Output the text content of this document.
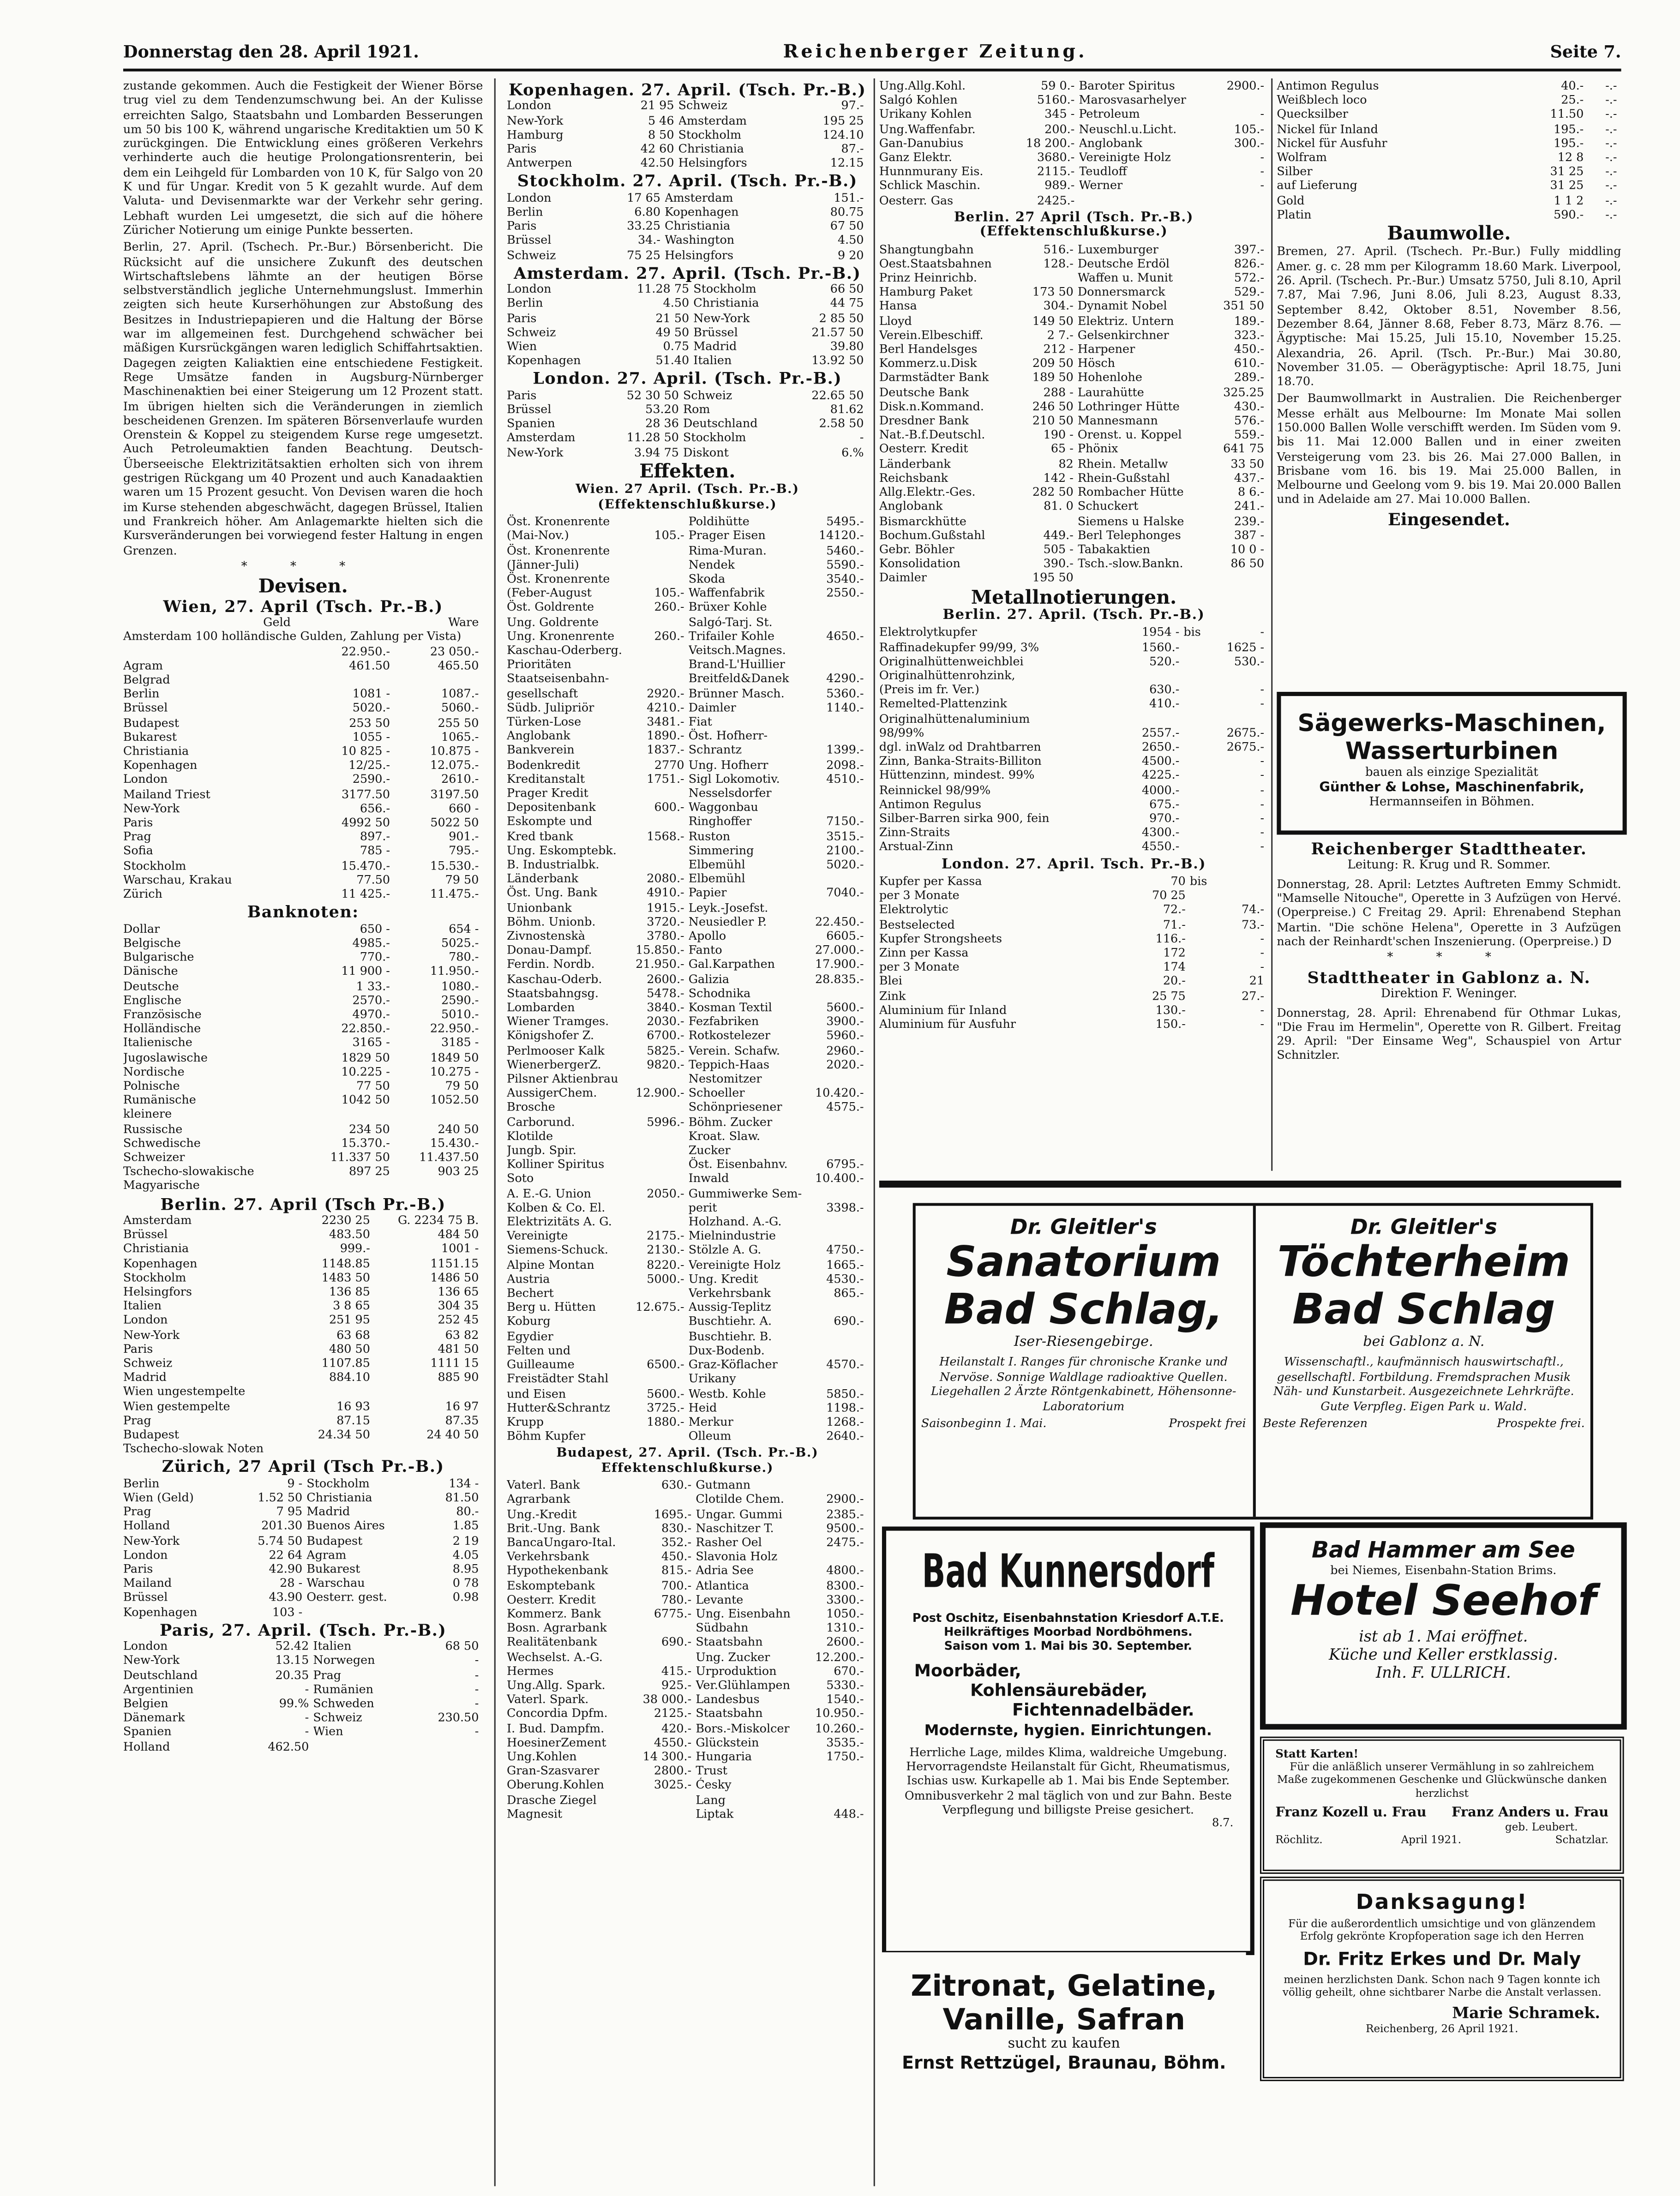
Donnerstag den 28. April 1921.	Reichenberger Zeitung.	Seite 7.

zustande gekommen. Auch die Festigkeit der Wiener Börse trug viel zu dem Tendenzumschwung bei. An der Kulisse erreichten Salgo, Staatsbahn und Lombarden Besserungen um 50 bis 100 K, während ungarische Kreditaktien um 50 K zurückgingen. Die Entwicklung eines größeren Verkehrs verhinderte auch die heutige Prolongationsrenterin, bei dem ein Leihgeld für Lombarden von 10 K, für Salgo von 20 K und für Ungar. Kredit von 5 K gezahlt wurde. Auf dem Valuta- und Devisenmarkte war der Verkehr sehr gering. Lebhaft wurden Lei umgesetzt, die sich auf die höhere Züricher Notierung um einige Punkte besserten.

Berlin, 27. April. (Tschech. Pr.-Bur.) Börsenbericht. Die Rücksicht auf die unsichere Zukunft des deutschen Wirtschaftslebens lähmte an der heutigen Börse selbstverständlich jegliche Unternehmungslust. Immerhin zeigten sich heute Kurserhöhungen zur Abstoßung des Besitzes in Industriepapieren und die Haltung der Börse war im allgemeinen fest. Durchgehend schwächer bei mäßigen Kursrückgängen waren lediglich Schiffahrtsaktien. Dagegen zeigten Kaliaktien eine entschiedene Festigkeit. Rege Umsätze fanden in Augsburg-Nürnberger Maschinenaktien bei einer Steigerung um 12 Prozent statt. Im übrigen hielten sich die Veränderungen in ziemlich bescheidenen Grenzen. Im späteren Börsenverlaufe wurden Orenstein & Koppel zu steigendem Kurse rege umgesetzt. Auch Petroleumaktien fanden Beachtung. Deutsch-Überseeische Elektrizitätsaktien erholten sich von ihrem gestrigen Rückgang um 40 Prozent und auch Kanadaaktien waren um 15 Prozent gesucht. Von Devisen waren die hoch im Kurse stehenden abgeschwächt, dagegen Brüssel, Italien und Frankreich höher. Am Anlagemarkte hielten sich die Kursveränderungen bei vorwiegend fester Haltung in engen Grenzen.

* * *
Devisen.
Wien, 27. April (Tsch. Pr.-B.)
	Geld	Ware
Amsterdam 100 holländische Gulden, Zahlung per Vista)
	22.950.-	23 050.-
Agram	461.50	465.50
Belgrad		
Berlin	1081 -	1087.-
Brüssel	5020.-	5060.-
Budapest	253 50	255 50
Bukarest	1055 -	1065.-
Christiania	10 825 -	10.875 -
Kopenhagen	12/25.-	12.075.-
London	2590.-	2610.-
Mailand Triest	3177.50	3197.50
New-York	656.-	660 -
Paris	4992 50	5022 50
Prag	897.-	901.-
Sofia	785 -	795.-
Stockholm	15.470.-	15.530.-
Warschau, Krakau	77.50	79 50
Zürich	11 425.-	11.475.-
Banknoten:
Dollar	650 -	654 -
Belgische	4985.-	5025.-
Bulgarische	770.-	780.-
Dänische	11 900 -	11.950.-
Deutsche	1 33.-	1080.-
Englische	2570.-	2590.-
Französische	4970.-	5010.-
Holländische	22.850.-	22.950.-
Italienische	3165 -	3185 -
Jugoslawische	1829 50	1849 50
Nordische	10.225 -	10.275 -
Polnische	77 50	79 50
Rumänische	1042 50	1052.50
kleinere		
Russische	234 50	240 50
Schwedische	15.370.-	15.430.-
Schweizer	11.337 50	11.437.50
Tschecho-slowakische	897 25	903 25
Magyarische		
Berlin. 27. April (Tsch Pr.-B.)
Amsterdam	2230 25	G. 2234 75 B.
Brüssel	483.50	484 50
Christiania	999.-	1001 -
Kopenhagen	1148.85	1151.15
Stockholm	1483 50	1486 50
Helsingfors	136 85	136 65
Italien	3 8 65	304 35
London	251 95	252 45
New-York	63 68	63 82
Paris	480 50	481 50
Schweiz	1107.85	1111 15
Madrid	884.10	885 90
Wien ungestempelte		
Wien gestempelte	16 93	16 97
Prag	87.15	87.35
Budapest	24.34 50	24 40 50
Tschecho-slowak Noten		
Zürich, 27 April (Tsch Pr.-B.)
Berlin	9 -	Stockholm	134 -
Wien (Geld)	1.52 50	Christiania	81.50
Prag	7 95	Madrid	80.-
Holland	201.30	Buenos Aires	1.85
New-York	5.74 50	Budapest	2 19
London	22 64	Agram	4.05
Paris	42.90	Bukarest	8.95
Mailand	28 -	Warschau	0 78
Brüssel	43.90	Oesterr. gest.	0.98
Kopenhagen	103 -		
Paris, 27. April. (Tsch. Pr.-B.)
London	52.42	Italien	68 50
New-York	13.15	Norwegen	-
Deutschland	20.35	Prag	-
Argentinien	-	Rumänien	-
Belgien	99.%	Schweden	-
Dänemark	-	Schweiz	230.50
Spanien	-	Wien	-
Holland	462.50		
Kopenhagen. 27. April. (Tsch. Pr.-B.)
London	21 95	Schweiz	97.-
New-York	5 46	Amsterdam	195 25
Hamburg	8 50	Stockholm	124.10
Paris	42 60	Christiania	87.-
Antwerpen	42.50	Helsingfors	12.15
Stockholm. 27. April. (Tsch. Pr.-B.)
London	17 65	Amsterdam	151.-
Berlin	6.80	Kopenhagen	80.75
Paris	33.25	Christiania	67 50
Brüssel	34.-	Washington	4.50
Schweiz	75 25	Helsingfors	9 20
Amsterdam. 27. April. (Tsch. Pr.-B.)
London	11.28 75	Stockholm	66 50
Berlin	4.50	Christiania	44 75
Paris	21 50	New-York	2 85 50
Schweiz	49 50	Brüssel	21.57 50
Wien	0.75	Madrid	39.80
Kopenhagen	51.40	Italien	13.92 50
London. 27. April. (Tsch. Pr.-B.)
Paris	52 30 50	Schweiz	22.65 50
Brüssel	53.20	Rom	81.62
Spanien	28 36	Deutschland	2.58 50
Amsterdam	11.28 50	Stockholm	-
New-York	3.94 75	Diskont	6.%
Effekten.
Wien. 27 April. (Tsch. Pr.-B.) (Effektenschlußkurse.)
Öst. Kronenrente		Poldihütte	5495.-
(Mai-Nov.)	105.-	Prager Eisen	14120.-
Öst. Kronenrente		Rima-Muran.	5460.-
(Jänner-Juli)		Nendek	5590.-
Öst. Kronenrente		Skoda	3540.-
(Feber-August	105.-	Waffenfabrik	2550.-
Öst. Goldrente	260.-	Brüxer Kohle	
Ung. Goldrente		Salgó-Tarj. St.	
Ung. Kronenrente	260.-	Trifailer Kohle	4650.-
Kaschau-Oderberg.		Veitsch.Magnes.	
Prioritäten		Brand-L'Huillier	
Staatseisenbahn-		Breitfeld&Danek	4290.-
gesellschaft	2920.-	Brünner Masch.	5360.-
Südb. Julipriör	4210.-	Daimler	1140.-
Türken-Lose	3481.-	Fiat	
Anglobank	1890.-	Öst. Hofherr-	
Bankverein	1837.-	Schrantz	1399.-
Bodenkredit	2770	Ung. Hofherr	2098.-
Kreditanstalt	1751.-	Sigl Lokomotiv.	4510.-
Prager Kredit		Nesselsdorfer	
Depositenbank	600.-	Waggonbau	
Eskompte und		Ringhoffer	7150.-
Kred tbank	1568.-	Ruston	3515.-
Ung. Eskomptebk.		Simmering	2100.-
B. Industrialbk.		Elbemühl	5020.-
Länderbank	2080.-	Elbemühl	
Öst. Ung. Bank	4910.-	Papier	7040.-
Unionbank	1915.-	Leyk.-Josefst.	
Böhm. Unionb.	3720.-	Neusiedler P.	22.450.-
Zivnostenskà	3780.-	Apollo	6605.-
Donau-Dampf.	15.850.-	Fanto	27.000.-
Ferdin. Nordb.	21.950.-	Gal.Karpathen	17.900.-
Kaschau-Oderb.	2600.-	Galizia	28.835.-
Staatsbahngsg.	5478.-	Schodnika	
Lombarden	3840.-	Kosman Textil	5600.-
Wiener Tramges.	2030.-	Fezfabriken	3900.-
Königshofer Z.	6700.-	Rotkostelezer	5960.-
Perlmooser Kalk	5825.-	Verein. Schafw.	2960.-
WienerbergerZ.	9820.-	Teppich-Haas	2020.-
Pilsner Aktienbrau		Nestomitzer	
AussigerChem.	12.900.-	Schoeller	10.420.-
Brosche		Schönpriesener	4575.-
Carborund.	5996.-	Böhm. Zucker	
Klotilde		Kroat. Slaw.	
Jungb. Spir.		Zucker	
Kolliner Spiritus		Öst. Eisenbahnv.	6795.-
Soto		Inwald	10.400.-
A. E.-G. Union	2050.-	Gummiwerke Sem-	
Kolben & Co. El.		perit	3398.-
Elektrizitäts A. G.		Holzhand. A.-G.	
Vereinigte	2175.-	Mielnindustrie	
Siemens-Schuck.	2130.-	Stölzle A. G.	4750.-
Alpine Montan	8220.-	Vereinigte Holz	1665.-
Austria	5000.-	Ung. Kredit	4530.-
Bechert		Verkehrsbank	865.-
Berg u. Hütten	12.675.-	Aussig-Teplitz	
Koburg		Buschtiehr. A.	690.-
Egydier		Buschtiehr. B.	
Felten und		Dux-Bodenb.	
Guilleaume	6500.-	Graz-Köflacher	4570.-
Freistädter Stahl		Urikany	
und Eisen	5600.-	Westb. Kohle	5850.-
Hutter&Schrantz	3725.-	Heid	1198.-
Krupp	1880.-	Merkur	1268.-
Böhm Kupfer		Olleum	2640.-
Budapest, 27. April. (Tsch. Pr.-B.) Effektenschlußkurse.)
Vaterl. Bank	630.-	Gutmann	
Agrarbank		Clotilde Chem.	2900.-
Ung.-Kredit	1695.-	Ungar. Gummi	2385.-
Brit.-Ung. Bank	830.-	Naschitzer T.	9500.-
BancaUngaro-Ital.	352.-	Rasher Oel	2475.-
Verkehrsbank	450.-	Slavonia Holz	
Hypothekenbank	815.-	Adria See	4800.-
Eskomptebank	700.-	Atlantica	8300.-
Oesterr. Kredit	780.-	Levante	3300.-
Kommerz. Bank	6775.-	Ung. Eisenbahn	1050.-
Bosn. Agrarbank		Südbahn	1310.-
Realitätenbank	690.-	Staatsbahn	2600.-
Wechselst. A.-G.		Ung. Zucker	12.200.-
Hermes	415.-	Urproduktion	670.-
Ung.Allg. Spark.	925.-	Ver.Glühlampen	5330.-
Vaterl. Spark.	38 000.-	Landesbus	1540.-
Concordia Dpfm.	2125.-	Staatsbahn	10.950.-
I. Bud. Dampfm.	420.-	Bors.-Miskolcer	10.260.-
HoesinerZement	4550.-	Glückstein	3535.-
Ung.Kohlen	14 300.-	Hungaria	1750.-
Gran-Szasvarer	2800.-	Trust	
Oberung.Kohlen	3025.-	Ćesky	
Drasche Ziegel		Lang	
Magnesit		Liptak	448.-
Ung.Allg.Kohl.	59 0.-	Baroter Spiritus	2900.-
Salgó Kohlen	5160.-	Marosvasarhelyer	
Urikany Kohlen	345 -	Petroleum	-
Ung.Waffenfabr.	200.-	Neuschl.u.Licht.	105.-
Gan-Danubius	18 200.-	Anglobank	300.-
Ganz Elektr.	3680.-	Vereinigte Holz	-
Hunnmurany Eis.	2115.-	Teudloff	-
Schlick Maschin.	989.-	Werner	-
Oesterr. Gas	2425.-		
Berlin. 27 April (Tsch. Pr.-B.) (Effektenschlußkurse.)
Shangtungbahn	516.-	Luxemburger	397.-
Oest.Staatsbahnen	128.-	Deutsche Erdöl	826.-
Prinz Heinrichb.		Waffen u. Munit	572.-
Hamburg Paket	173 50	Donnersmarck	529.-
Hansa	304.-	Dynamit Nobel	351 50
Lloyd	149 50	Elektriz. Untern	189.-
Verein.Elbeschiff.	2 7.-	Gelsenkirchner	323.-
Berl Handelsges	212 -	Harpener	450.-
Kommerz.u.Disk	209 50	Hösch	610.-
Darmstädter Bank	189 50	Hohenlohe	289.-
Deutsche Bank	288 -	Laurahütte	325.25
Disk.n.Kommand.	246 50	Lothringer Hütte	430.-
Dresdner Bank	210 50	Mannesmann	576.-
Nat.-B.f.Deutschl.	190 -	Orenst. u. Koppel	559.-
Oesterr. Kredit	65 -	Phönix	641 75
Länderbank	82	Rhein. Metallw	33 50
Reichsbank	142 -	Rhein-Gußstahl	437.-
Allg.Elektr.-Ges.	282 50	Rombacher Hütte	8 6.-
Anglobank	81. 0	Schuckert	241.-
Bismarckhütte		Siemens u Halske	239.-
Bochum.Gußstahl	449.-	Berl Telephonges	387 -
Gebr. Böhler	505 -	Tabakaktien	10 0 -
Konsolidation	390.-	Tsch.-slow.Bankn.	86 50
Daimler	195 50		
Metallnotierungen.
Berlin. 27. April. (Tsch. Pr.-B.)
Elektrolytkupfer	1954 -	bis	-
Raffinadekupfer 99/99, 3%	1560.-		1625 -
Originalhüttenweichblei	520.-		530.-
Originalhüttenrohzink,			
(Preis im fr. Ver.)	630.-		-
Remelted-Plattenzink	410.-		-
Originalhüttenaluminium			
98/99%	2557.-		2675.-
dgl. inWalz od Drahtbarren	2650.-		2675.-
Zinn, Banka-Straits-Billiton	4500.-		-
Hüttenzinn, mindest. 99%	4225.-		-
Reinnickel 98/99%	4000.-		-
Antimon Regulus	675.-		-
Silber-Barren sirka 900, fein	970.-		-
Zinn-Straits	4300.-		-
Arstual-Zinn	4550.-		-
London. 27. April. Tsch. Pr.-B.)
Kupfer per Kassa	70	bis	
per 3 Monate	70 25		
Elektrolytic	72.-		74.-
Bestselected	71.-		73.-
Kupfer Strongsheets	116.-		-
Zinn per Kassa	172		-
per 3 Monate	174		-
Blei	20.-		21
Zink	25 75		27.-
Aluminium für Inland	130.-		-
Aluminium für Ausfuhr	150.-		-
Antimon Regulus	40.-	-.-
Weißblech loco	25.-	-.-
Quecksilber	11.50	-.-
Nickel für Inland	195.-	-.-
Nickel für Ausfuhr	195.-	-.-
Wolfram	12 8	-.-
Silber	31 25	-.-
auf Lieferung	31 25	-.-
Gold	1 1 2	-.-
Platin	590.-	-.-
Baumwolle.

Bremen, 27. April. (Tschech. Pr.-Bur.) Fully middling Amer. g. c. 28 mm per Kilogramm 18.60 Mark. Liverpool, 26. April. (Tschech. Pr.-Bur.) Umsatz 5750, Juli 8.10, April 7.87, Mai 7.96, Juni 8.06, Juli 8.23, August 8.33, September 8.42, Oktober 8.51, November 8.56, Dezember 8.64, Jänner 8.68, Feber 8.73, März 8.76. — Ägyptische: Mai 15.25, Juli 15.10, November 15.25. Alexandria, 26. April. (Tsch. Pr.-Bur.) Mai 30.80, November 31.05. — Oberägyptische: April 18.75, Juni 18.70.

Der Baumwollmarkt in Australien. Die Reichenberger Messe erhält aus Melbourne: Im Monate Mai sollen 150.000 Ballen Wolle verschifft werden. Im Süden vom 9. bis 11. Mai 12.000 Ballen und in einer zweiten Versteigerung vom 23. bis 26. Mai 27.000 Ballen, in Brisbane vom 16. bis 19. Mai 25.000 Ballen, in Melbourne und Geelong vom 9. bis 19. Mai 20.000 Ballen und in Adelaide am 27. Mai 10.000 Ballen.

Eingesendet.
Sägewerks-Maschinen,
Wasserturbinen
bauen als einzige Spezialität
Günther & Lohse, Maschinenfabrik,
Hermannseifen in Böhmen.
Reichenberger Stadttheater.
Leitung: R. Krug und R. Sommer.

Donnerstag, 28. April: Letztes Auftreten Emmy Schmidt. "Mamselle Nitouche", Operette in 3 Aufzügen von Hervé. (Operpreise.) C Freitag 29. April: Ehrenabend Stephan Martin. "Die schöne Helena", Operette in 3 Aufzügen nach der Reinhardt'schen Inszenierung. (Operpreise.) D

* * *
Stadttheater in Gablonz a. N.
Direktion F. Weninger.

Donnerstag, 28. April: Ehrenabend für Othmar Lukas, "Die Frau im Hermelin", Operette von R. Gilbert. Freitag 29. April: "Der Einsame Weg", Schauspiel von Artur Schnitzler.

Dr. Gleitler's
Sanatorium
Bad Schlag,
Iser-Riesengebirge.
Heilanstalt I. Ranges für chronische Kranke und Nervöse. Sonnige Waldlage radioaktive Quellen. Liegehallen 2 Ärzte Röntgenkabinett, Höhensonne-Laboratorium
Saisonbeginn 1. Mai.	Prospekt frei
Dr. Gleitler's
Töchterheim
Bad Schlag
bei Gablonz a. N.
Wissenschaftl., kaufmännisch hauswirtschaftl., gesellschaftl. Fortbildung. Fremdsprachen Musik Näh- und Kunstarbeit. Ausgezeichnete Lehrkräfte. Gute Verpfleg. Eigen Park u. Wald.
Beste Referenzen	Prospekte frei.
Bad Kunnersdorf
Post Oschitz, Eisenbahnstation Kriesdorf A.T.E.
Heilkräftiges Moorbad Nordböhmens.
Saison vom 1. Mai bis 30. September.
Moorbäder,
Kohlensäurebäder,
Fichtennadelbäder.
Modernste, hygien. Einrichtungen.
Herrliche Lage, mildes Klima, waldreiche Umgebung. Hervorragendste Heilanstalt für Gicht, Rheumatismus, Ischias usw. Kurkapelle ab 1. Mai bis Ende September. Omnibusverkehr 2 mal täglich von und zur Bahn. Beste Verpflegung und billigste Preise gesichert.
8.7.
Zitronat, Gelatine,
Vanille, Safran
sucht zu kaufen
Ernst Rettzügel, Braunau, Böhm.
Bad Hammer am See
bei Niemes, Eisenbahn-Station Brims.
Hotel Seehof
ist ab 1. Mai eröffnet.
Küche und Keller erstklassig.
Inh. F. ULLRICH.
Statt Karten!
Für die anläßlich unserer Vermählung in so zahlreichem Maße zugekommenen Geschenke und Glückwünsche danken herzlichst
Franz Kozell u. Frau	Franz Anders u. Frau
geb. Leubert.
Röchlitz.	April 1921.	Schatzlar.
Danksagung!
Für die außerordentlich umsichtige und von glänzendem Erfolg gekrönte Kropfoperation sage ich den Herren
Dr. Fritz Erkes und Dr. Maly
meinen herzlichsten Dank. Schon nach 9 Tagen konnte ich völlig geheilt, ohne sichtbarer Narbe die Anstalt verlassen.
Marie Schramek.
Reichenberg, 26 April 1921.
